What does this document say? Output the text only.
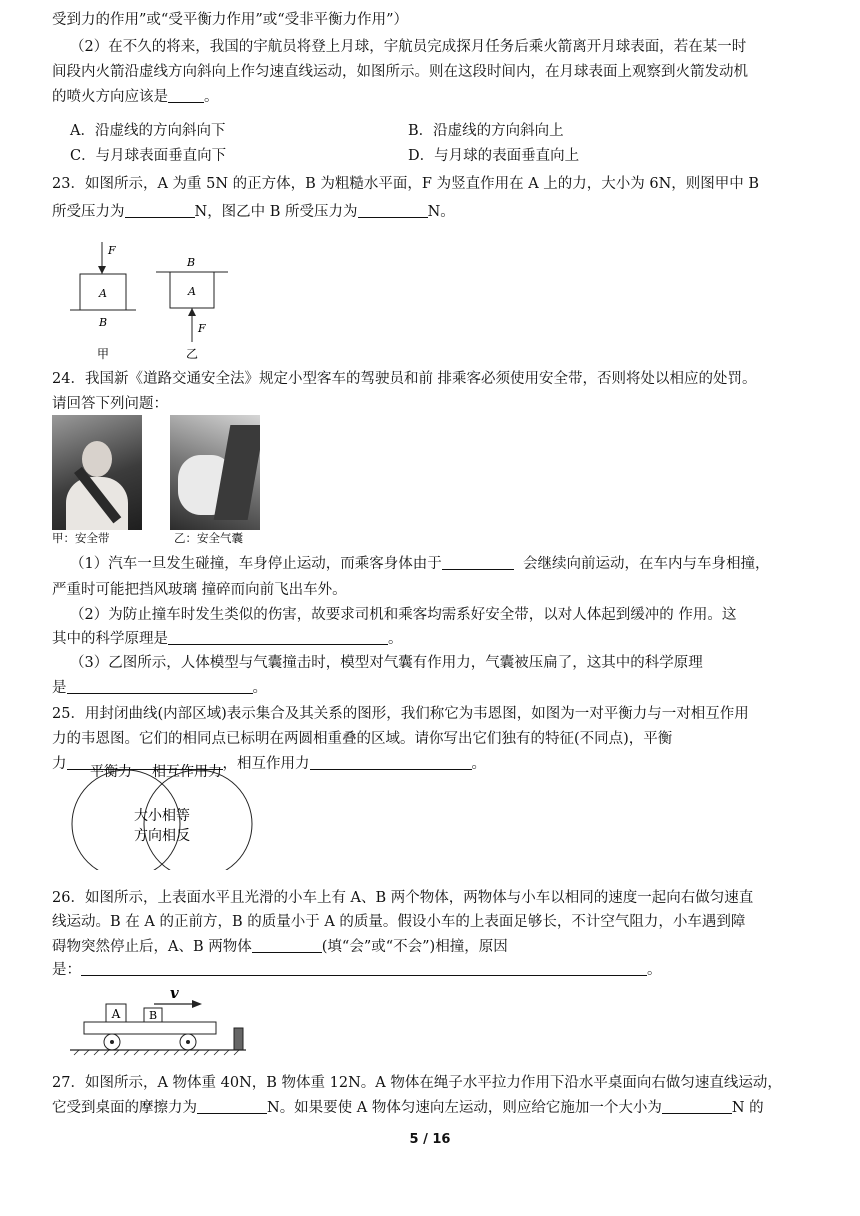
受到力的作用”或“受平衡力作用”或“受非平衡力作用”）
（2）在不久的将来，我国的宇航员将登上月球，宇航员完成探月任务后乘火箭离开月球表面，若在某一时
间段内火箭沿虚线方向斜向上作匀速直线运动，如图所示。则在这段时间内，在月球表面上观察到火箭发动机
的喷火方向应该是 。
A．沿虚线的方向斜向下	B．沿虚线的方向斜向上
C．与月球表面垂直向下	D．与月球的表面垂直向上
23．如图所示，A 为重 5N 的正方体，B 为粗糙水平面，F 为竖直作用在 A 上的力，大小为 6N，则图甲中 B
所受压力为	N，图乙中 B 所受压力为	N。
F
A
B
甲
B
A
F
乙
24．我国新《道路交通安全法》规定小型客车的驾驶员和前 排乘客必须使用安全带，否则将处以相应的处罚。
请回答下列问题：
甲：安全带	乙：安全气囊
（1）汽车一旦发生碰撞，车身停止运动，而乘客身体由于	会继续向前运动，在车内与车身相撞，
严重时可能把挡风玻璃 撞碎而向前飞出车外。
（2）为防止撞车时发生类似的伤害，故要求司机和乘客均需系好安全带，以对人体起到缓冲的 作用。这
其中的科学原理是	。
（3）乙图所示，人体模型与气囊撞击时，模型对气囊有作用力，气囊被压扁了，这其中的科学原理
是	。
25．用封闭曲线(内部区域)表示集合及其关系的图形，我们称它为韦恩图，如图为一对平衡力与一对相互作用
力的韦恩图。它们的相同点已标明在两圆相重叠的区域。请你写出它们独有的特征(不同点)，平衡
力	，相互作用力	。
平衡力 相互作用力
大小相等
方向相反
26．如图所示，上表面水平且光滑的小车上有 A、B 两个物体，两物体与小车以相同的速度一起向右做匀速直
线运动。B 在 A 的正前方，B 的质量小于 A 的质量。假设小车的上表面足够长，不计空气阻力，小车遇到障
碍物突然停止后，A、B 两物体	(填“会”或“不会”)相撞，原因
是：	。
v
A	B
27．如图所示，A 物体重 40N，B 物体重 12N。A 物体在绳子水平拉力作用下沿水平桌面向右做匀速直线运动，
它受到桌面的摩擦力为	N。如果要使 A 物体匀速向左运动，则应给它施加一个大小为	N 的
5 / 16
